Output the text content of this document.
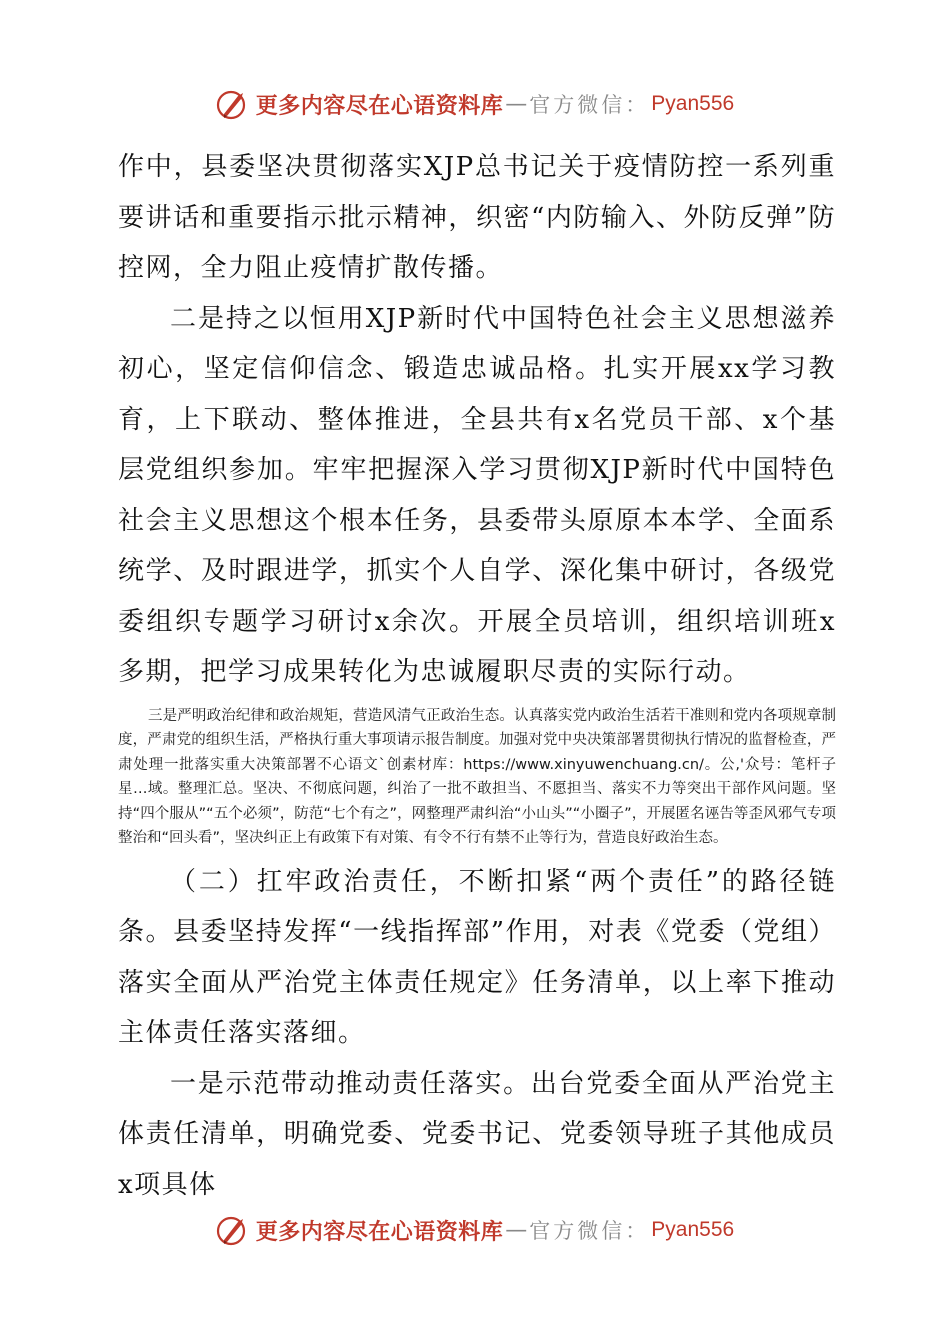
更多内容尽在心语资料库 — 官方微信： Pyan556

作中，县委坚决贯彻落实XJP总书记关于疫情防控一系列重要讲话和重要指示批示精神，织密“内防输入、外防反弹”防控网，全力阻止疫情扩散传播。

二是持之以恒用XJP新时代中国特色社会主义思想滋养初心，坚定信仰信念、锻造忠诚品格。扎实开展xx学习教育，上下联动、整体推进，全县共有x名党员干部、x个基层党组织参加。牢牢把握深入学习贯彻XJP新时代中国特色社会主义思想这个根本任务，县委带头原原本本学、全面系统学、及时跟进学，抓实个人自学、深化集中研讨，各级党委组织专题学习研讨x余次。开展全员培训，组织培训班x多期，把学习成果转化为忠诚履职尽责的实际行动。

三是严明政治纪律和政治规矩，营造风清气正政治生态。认真落实党内政治生活若干准则和党内各项规章制度，严肃党的组织生活，严格执行重大事项请示报告制度。加强对党中央决策部署贯彻执行情况的监督检查，严肃处理一批落实重大决策部署不心语文`创素材库：https://www.xinyuwenchuang.cn/。公,'众号：笔杆子星…域。整理汇总。坚决、不彻底问题，纠治了一批不敢担当、不愿担当、落实不力等突出干部作风问题。坚持“四个服从”“五个必须”，防范“七个有之”，网整理严肃纠治“小山头”“小圈子”，开展匿名诬告等歪风邪气专项整治和“回头看”，坚决纠正上有政策下有对策、有令不行有禁不止等行为，营造良好政治生态。

（二）扛牢政治责任，不断扣紧“两个责任”的路径链条。县委坚持发挥“一线指挥部”作用，对表《党委（党组）落实全面从严治党主体责任规定》任务清单，以上率下推动主体责任落实落细。

一是示范带动推动责任落实。出台党委全面从严治党主体责任清单，明确党委、党委书记、党委领导班子其他成员x项具体

更多内容尽在心语资料库 — 官方微信： Pyan556
